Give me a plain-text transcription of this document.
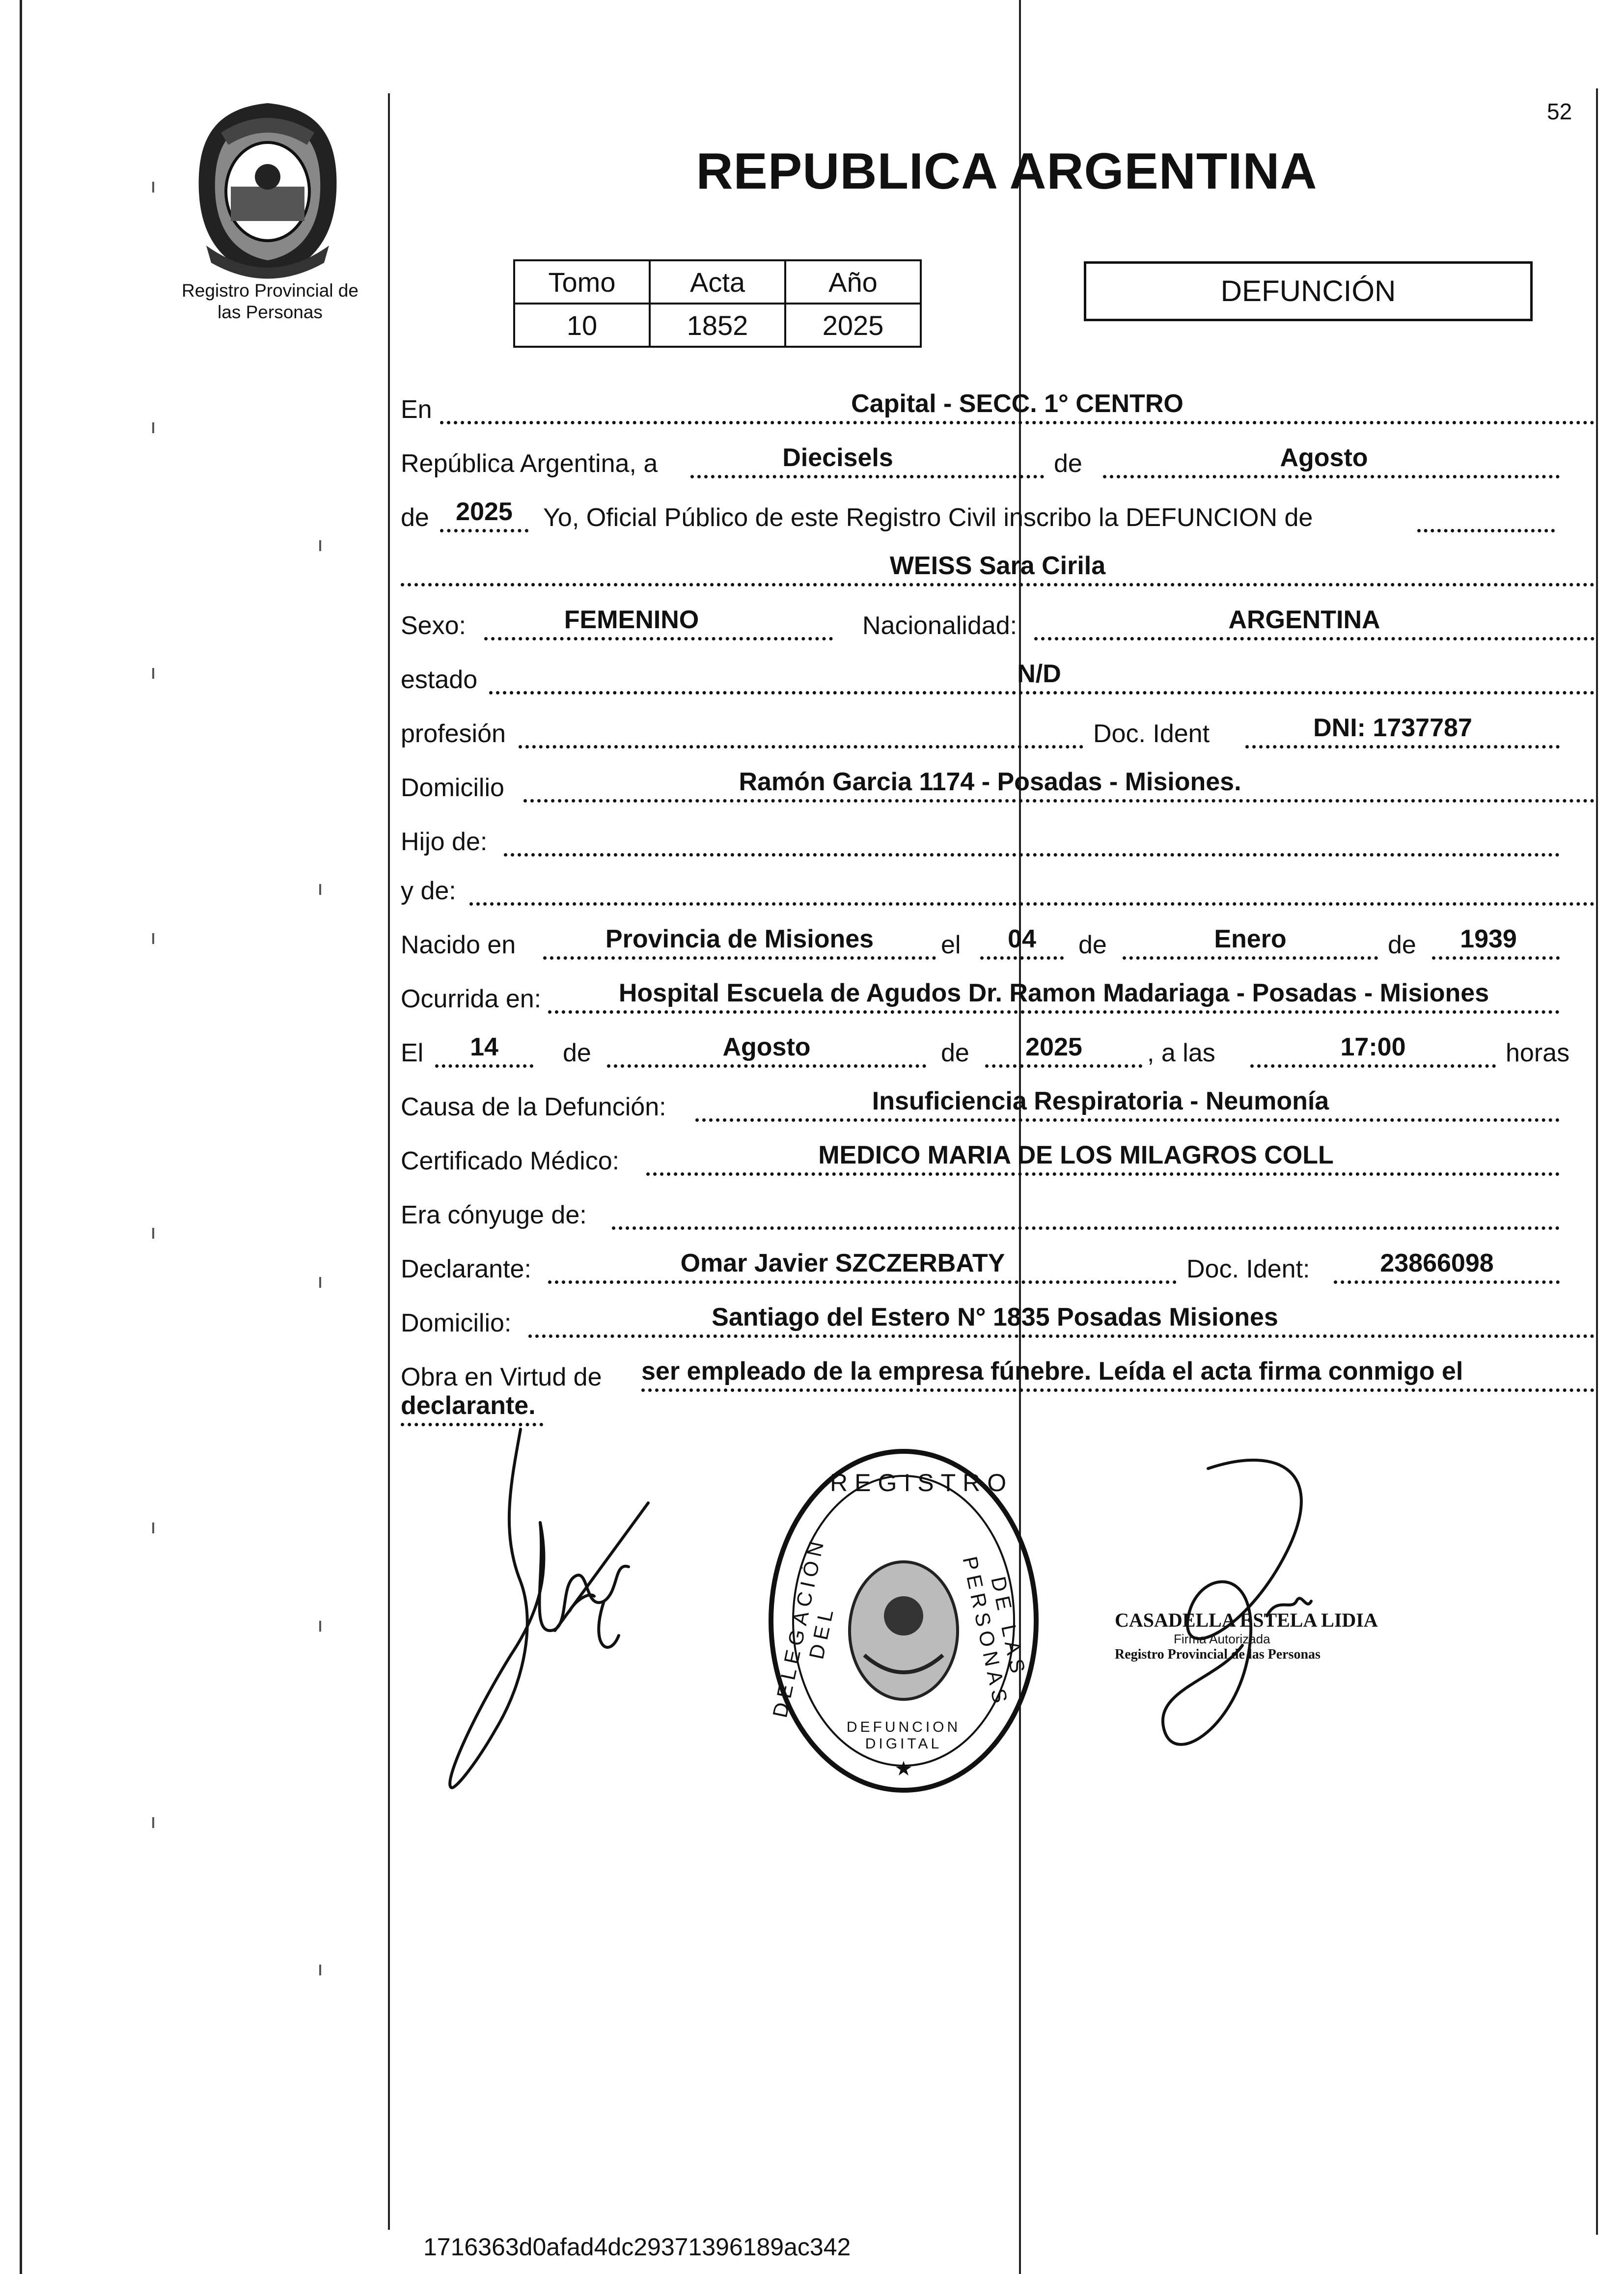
Registro Provincial de
las Personas
52
REPUBLICA ARGENTINA
Tomo	Acta	Año
10	1852	2025
DEFUNCIÓN
En	Capital - SECC. 1° CENTRO
República Argentina, a	Diecisels	de	Agosto
de	2025	Yo, Oficial Público de este Registro Civil inscribo la DEFUNCION de
WEISS Sara Cirila
Sexo:	FEMENINO	Nacionalidad:	ARGENTINA
estado	N/D
profesión	Doc. Ident	DNI: 1737787
Domicilio	Ramón Garcia 1174 - Posadas - Misiones.
Hijo de:
y de:
Nacido en	Provincia de Misiones	el	04	de	Enero	de	1939
Ocurrida en:	Hospital Escuela de Agudos Dr. Ramon Madariaga - Posadas - Misiones
El	14	de	Agosto	de	2025	, a las	17:00	horas
Causa de la Defunción:	Insuficiencia Respiratoria - Neumonía
Certificado Médico:	MEDICO MARIA DE LOS MILAGROS COLL
Era cónyuge de:
Declarante:	Omar Javier SZCZERBATY	Doc. Ident:	23866098
Domicilio:	Santiago del Estero N° 1835 Posadas Misiones
Obra en Virtud de ser empleado de la empresa fúnebre. Leída el acta firma conmigo el
declarante.
REGISTRO
DELEGACIÓN DEL	DE LAS PERSONAS
DEFUNCION DIGITAL
CASADELLA ESTELA LIDIA
Firma Autorizada
Registro Provincial de las Personas
1716363d0afad4dc29371396189ac342
